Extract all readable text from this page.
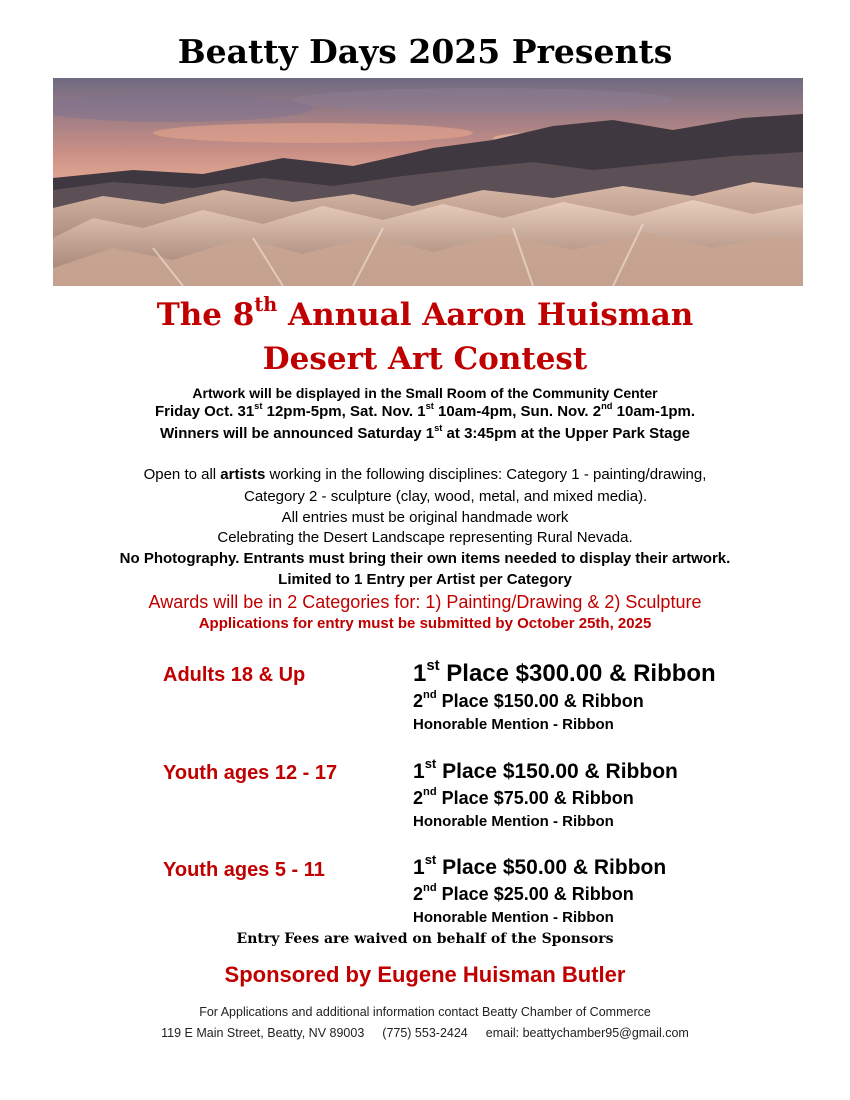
Beatty Days 2025 Presents
The 8th Annual Aaron Huisman
Desert Art Contest
Artwork will be displayed in the Small Room of the Community Center
Friday Oct. 31st 12pm-5pm, Sat. Nov. 1st 10am-4pm, Sun. Nov. 2nd 10am-1pm.
Winners will be announced Saturday 1st at 3:45pm at the Upper Park Stage
Open to all artists working in the following disciplines: Category 1 - painting/drawing,
Category 2 - sculpture (clay, wood, metal, and mixed media).
All entries must be original handmade work
Celebrating the Desert Landscape representing Rural Nevada.
No Photography. Entrants must bring their own items needed to display their artwork.
Limited to 1 Entry per Artist per Category
Awards will be in 2 Categories for: 1) Painting/Drawing & 2) Sculpture
Applications for entry must be submitted by October 25th, 2025
Adults 18 & Up	1st Place $300.00 & Ribbon
2nd Place $150.00 & Ribbon
Honorable Mention - Ribbon
Youth ages 12 - 17	1st Place $150.00 & Ribbon
2nd Place $75.00 & Ribbon
Honorable Mention - Ribbon
Youth ages 5 - 11	1st Place $50.00 & Ribbon
2nd Place $25.00 & Ribbon
Honorable Mention - Ribbon
Entry Fees are waived on behalf of the Sponsors
Sponsored by Eugene Huisman Butler
For Applications and additional information contact Beatty Chamber of Commerce
119 E Main Street, Beatty, NV 89003 (775) 553-2424 email: beattychamber95@gmail.com
